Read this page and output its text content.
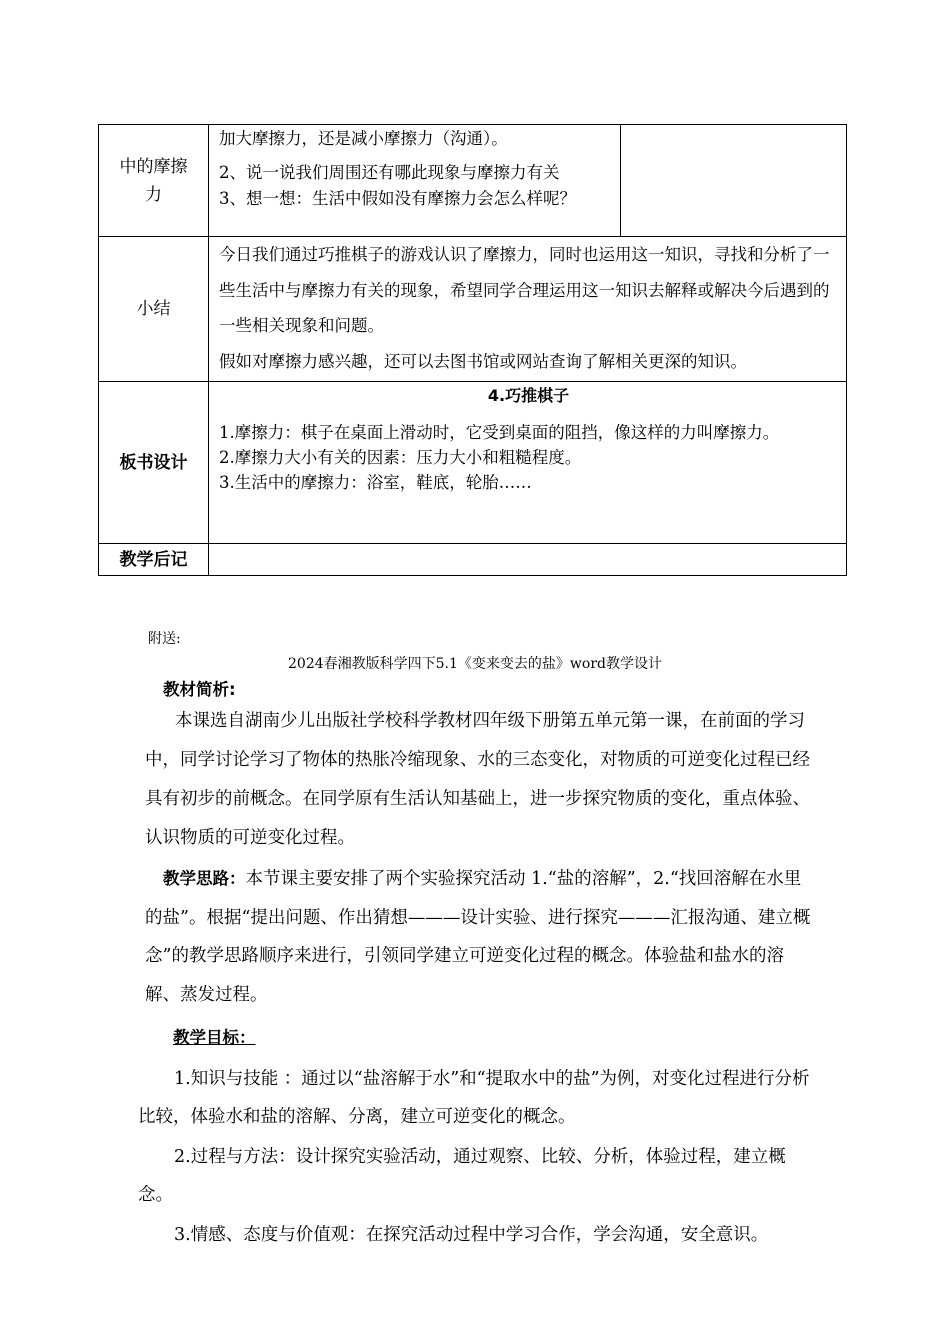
中的摩擦力	加大摩擦力，还是减小摩擦力（沟通）。

2、说一说我们周围还有哪此现象与摩擦力有关

3、想一想：生活中假如没有摩擦力会怎么样呢？	

小结	今日我们通过巧推棋子的游戏认识了摩擦力，同时也运用这一知识，寻找和分析了一些生活中与摩擦力有关的现象，希望同学合理运用这一知识去解释或解决今后遇到的一些相关现象和问题。

假如对摩擦力感兴趣，还可以去图书馆或网站查询了解相关更深的知识。	

板书设计	4.巧推棋子

1.摩擦力：棋子在桌面上滑动时，它受到桌面的阻挡，像这样的力叫摩擦力。

2.摩擦力大小有关的因素：压力大小和粗糙程度。

3.生活中的摩擦力：浴室，鞋底，轮胎……	

教学后记		
附送:
2024春湘教版科学四下5.1《变来变去的盐》word教学设计
教材简析:

本课选自湖南少儿出版社学校科学教材四年级下册第五单元第一课，在前面的学习中，同学讨论学习了物体的热胀冷缩现象、水的三态变化，对物质的可逆变化过程已经具有初步的前概念。在同学原有生活认知基础上，进一步探究物质的变化，重点体验、认识物质的可逆变化过程。

教学思路：本节课主要安排了两个实验探究活动 1.“盐的溶解”，2.“找回溶解在水里的盐”。根据“提出问题、作出猜想———设计实验、进行探究———汇报沟通、建立概念”的教学思路顺序来进行，引领同学建立可逆变化过程的概念。体验盐和盐水的溶解、蒸发过程。

教学目标：

1.知识与技能 ：通过以“盐溶解于水”和“提取水中的盐”为例，对变化过程进行分析比较，体验水和盐的溶解、分离，建立可逆变化的概念。

2.过程与方法：设计探究实验活动，通过观察、比较、分析，体验过程，建立概念。

3.情感、态度与价值观：在探究活动过程中学习合作，学会沟通，安全意识。
